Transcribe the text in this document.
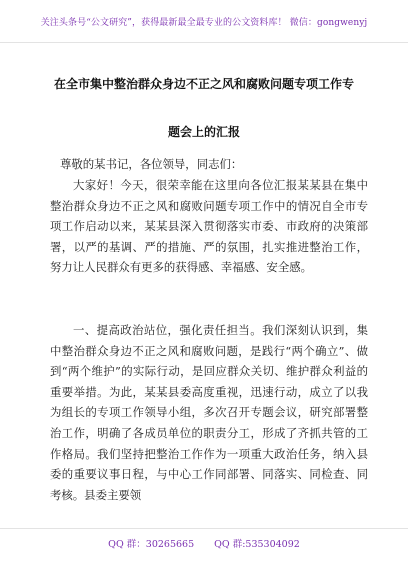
关注头条号“公文研究”，获得最新最全最专业的公文资料库！ 微信：gongwenyj
在全市集中整治群众身边不正之风和腐败问题专项工作专
题会上的汇报

尊敬的某书记，各位领导，同志们：

大家好！今天，很荣幸能在这里向各位汇报某某县在集中整治群众身边不正之风和腐败问题专项工作中的情况自全市专项工作启动以来，某某县深入贯彻落实市委、市政府的决策部署，以严的基调、严的措施、严的氛围，扎实推进整治工作，努力让人民群众有更多的获得感、幸福感、安全感。

一、提高政治站位，强化责任担当。我们深刻认识到，集中整治群众身边不正之风和腐败问题，是践行“两个确立”、做到“两个维护”的实际行动，是回应群众关切、维护群众利益的重要举措。为此，某某县委高度重视，迅速行动，成立了以我为组长的专项工作领导小组，多次召开专题会议，研究部署整治工作，明确了各成员单位的职责分工，形成了齐抓共管的工作格局。我们坚持把整治工作作为一项重大政治任务，纳入县委的重要议事日程，与中心工作同部署、同落实、同检查、同考核。县委主要领

QQ 群：30265665 QQ 群:535304092
